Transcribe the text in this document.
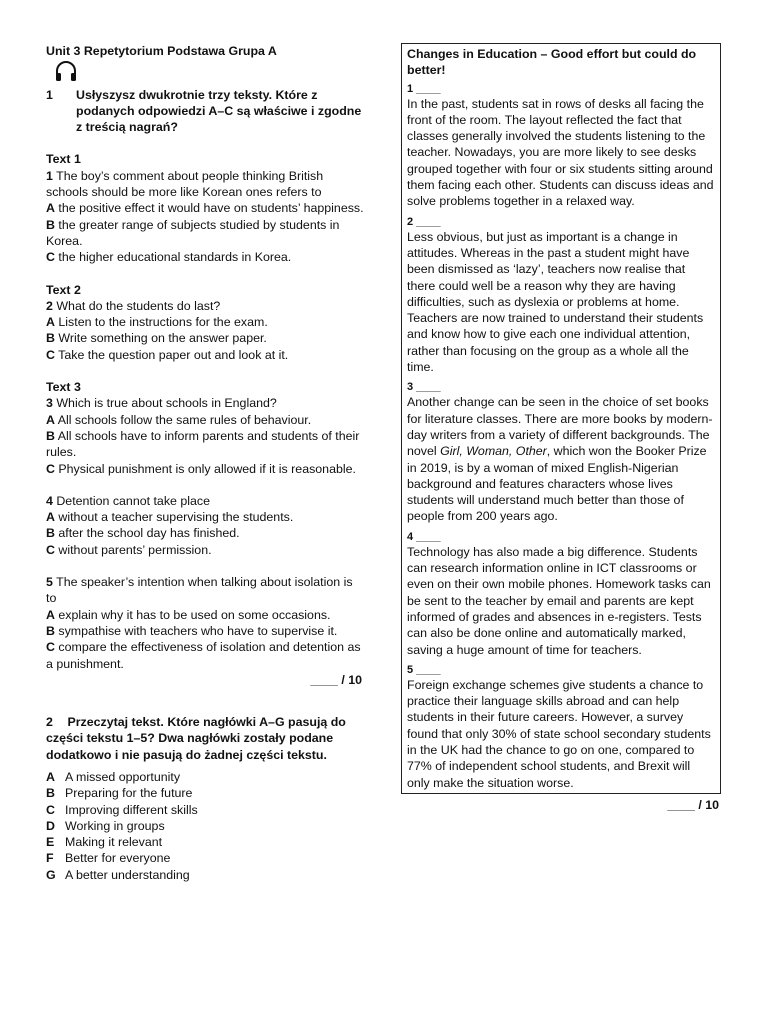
Unit 3 Repetytorium Podstawa Grupa A

1	Usłyszysz dwukrotnie trzy teksty. Które z podanych odpowiedzi A–C są właściwe i zgodne z treścią nagrań?

Text 1

1 The boy’s comment about people thinking British schools should be more like Korean ones refers to

A the positive effect it would have on students’ happiness.

B the greater range of subjects studied by students in Korea.

C the higher educational standards in Korea.

Text 2

2 What do the students do last?

A Listen to the instructions for the exam.

B Write something on the answer paper.

C Take the question paper out and look at it.

Text 3

3 Which is true about schools in England?

A All schools follow the same rules of behaviour.

B All schools have to inform parents and students of their rules.

C Physical punishment is only allowed if it is reasonable.

4 Detention cannot take place

A without a teacher supervising the students.

B after the school day has finished.

C without parents’ permission.

5 The speaker’s intention when talking about isolation is to

A explain why it has to be used on some occasions.

B sympathise with teachers who have to supervise it.

C compare the effectiveness of isolation and detention as a punishment.

____ / 10

2 Przeczytaj tekst. Które nagłówki A–G pasują do części tekstu 1–5? Dwa nagłówki zostały podane dodatkowo i nie pasują do żadnej części tekstu.
A A missed opportunity
B Preparing for the future
C Improving different skills
D Working in groups
E Making it relevant
F Better for everyone
G A better understanding

Changes in Education – Good effort but could do better!

1 ____

In the past, students sat in rows of desks all facing the front of the room. The layout reflected the fact that classes generally involved the students listening to the teacher. Nowadays, you are more likely to see desks grouped together with four or six students sitting around them facing each other. Students can discuss ideas and solve problems together in a relaxed way.

2 ____

Less obvious, but just as important is a change in attitudes. Whereas in the past a student might have been dismissed as ‘lazy’, teachers now realise that there could well be a reason why they are having difficulties, such as dyslexia or problems at home. Teachers are now trained to understand their students and know how to give each one individual attention, rather than focusing on the group as a whole all the time.

3 ____

Another change can be seen in the choice of set books for literature classes. There are more books by modern-day writers from a variety of different backgrounds. The novel Girl, Woman, Other, which won the Booker Prize in 2019, is by a woman of mixed English-Nigerian background and features characters whose lives students will understand much better than those of people from 200 years ago.

4 ____

Technology has also made a big difference. Students can research information online in ICT classrooms or even on their own mobile phones. Homework tasks can be sent to the teacher by email and parents are kept informed of grades and absences in e-registers. Tests can also be done online and automatically marked, saving a huge amount of time for teachers.

5 ____

Foreign exchange schemes give students a chance to practice their language skills abroad and can help students in their future careers. However, a survey found that only 30% of state school secondary students in the UK had the chance to go on one, compared to 77% of independent school students, and Brexit will only make the situation worse.

____ / 10
